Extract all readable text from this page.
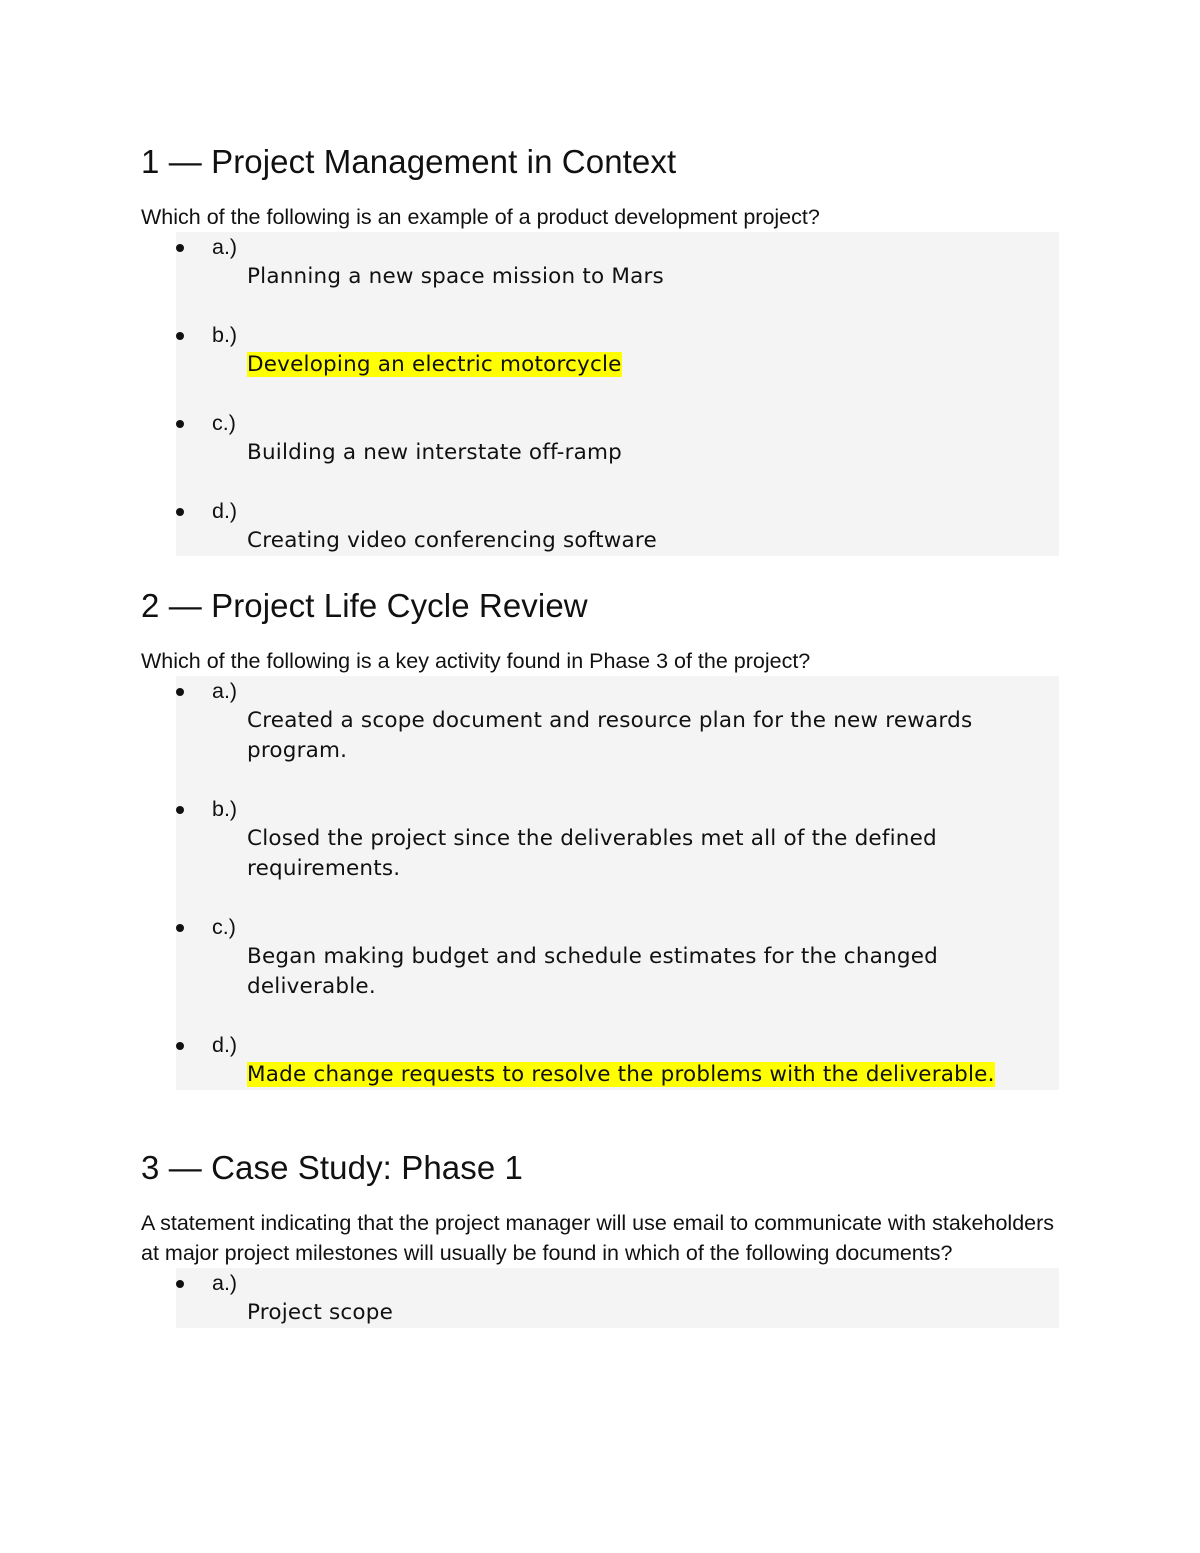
1 — Project Management in Context

Which of the following is an example of a product development project?

a.)
Planning a new space mission to Mars
b.)
Developing an electric motorcycle
c.)
Building a new interstate off-ramp
d.)
Creating video conferencing software
2 — Project Life Cycle Review

Which of the following is a key activity found in Phase 3 of the project?

a.)
Created a scope document and resource plan for the new rewards program.
b.)
Closed the project since the deliverables met all of the defined requirements.
c.)
Began making budget and schedule estimates for the changed deliverable.
d.)
Made change requests to resolve the problems with the deliverable.
3 — Case Study: Phase 1

A statement indicating that the project manager will use email to communicate with stakeholders at major project milestones will usually be found in which of the following documents?

a.)
Project scope
